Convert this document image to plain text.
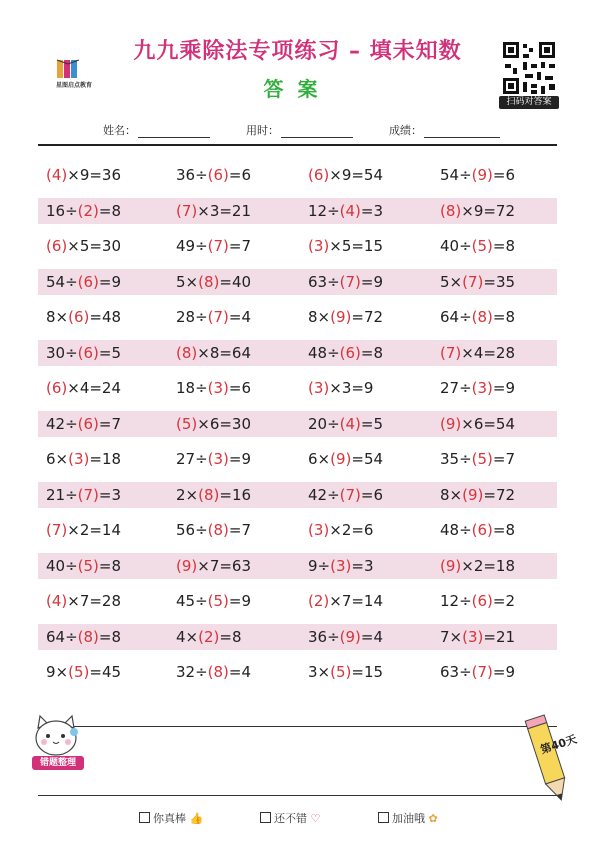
星图启点教育
九九乘除法专项练习 – 填未知数
答案
扫码对答案
姓名：	用时：	成绩：
(4)×9=36	36÷(6)=6	(6)×9=54	54÷(9)=6
16÷(2)=8	(7)×3=21	12÷(4)=3	(8)×9=72
(6)×5=30	49÷(7)=7	(3)×5=15	40÷(5)=8
54÷(6)=9	5×(8)=40	63÷(7)=9	5×(7)=35
8×(6)=48	28÷(7)=4	8×(9)=72	64÷(8)=8
30÷(6)=5	(8)×8=64	48÷(6)=8	(7)×4=28
(6)×4=24	18÷(3)=6	(3)×3=9	27÷(3)=9
42÷(6)=7	(5)×6=30	20÷(4)=5	(9)×6=54
6×(3)=18	27÷(3)=9	6×(9)=54	35÷(5)=7
21÷(7)=3	2×(8)=16	42÷(7)=6	8×(9)=72
(7)×2=14	56÷(8)=7	(3)×2=6	48÷(6)=8
40÷(5)=8	(9)×7=63	9÷(3)=3	(9)×2=18
(4)×7=28	45÷(5)=9	(2)×7=14	12÷(6)=2
64÷(8)=8	4×(2)=8	36÷(9)=4	7×(3)=21
9×(5)=45	32÷(8)=4	3×(5)=15	63÷(7)=9
错题整理
第40天
你真棒 👍	还不错 ♡	加油哦 ✿
